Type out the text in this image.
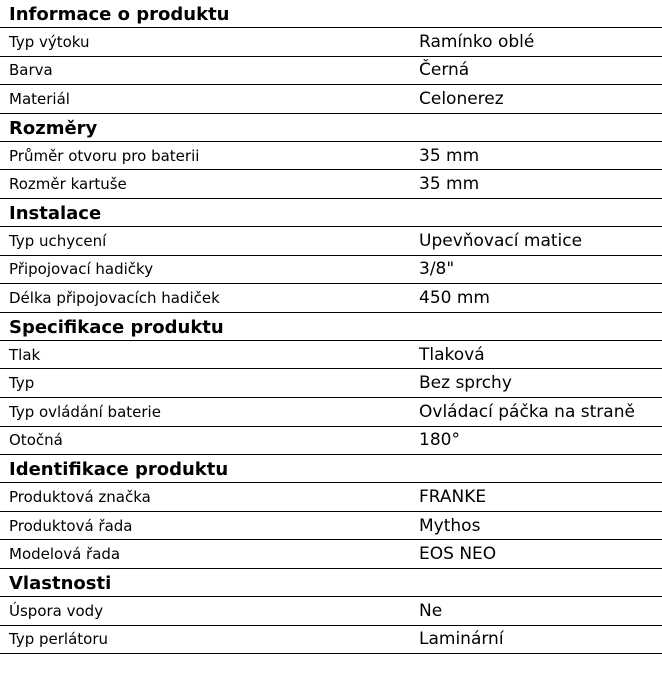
Informace o produktu
Typ výtoku	Ramínko oblé
Barva	Černá
Materiál	Celonerez
Rozměry
Průměr otvoru pro baterii	35 mm
Rozměr kartuše	35 mm
Instalace
Typ uchycení	Upevňovací matice
Připojovací hadičky	3/8"
Délka připojovacích hadiček	450 mm
Specifikace produktu
Tlak	Tlaková
Typ	Bez sprchy
Typ ovládání baterie	Ovládací páčka na straně
Otočná	180°
Identifikace produktu
Produktová značka	FRANKE
Produktová řada	Mythos
Modelová řada	EOS NEO
Vlastnosti
Úspora vody	Ne
Typ perlátoru	Laminární
